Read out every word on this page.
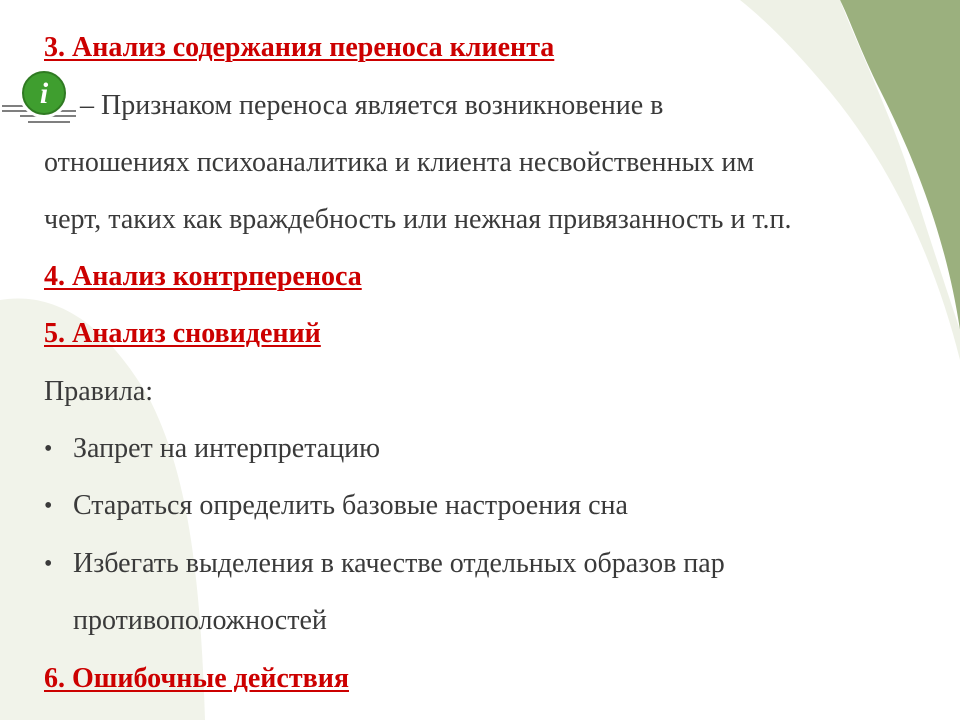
i

3. Анализ содержания переноса клиента

– Признаком переноса является возникновение в

отношениях психоаналитика и клиента несвойственных им

черт, таких как враждебность или нежная привязанность и т.п.

4. Анализ контрпереноса

5. Анализ сновидений

Правила:

• Запрет на интерпретацию

• Стараться определить базовые настроения сна

• Избегать выделения в качестве отдельных образов пар

противоположностей

6. Ошибочные действия
